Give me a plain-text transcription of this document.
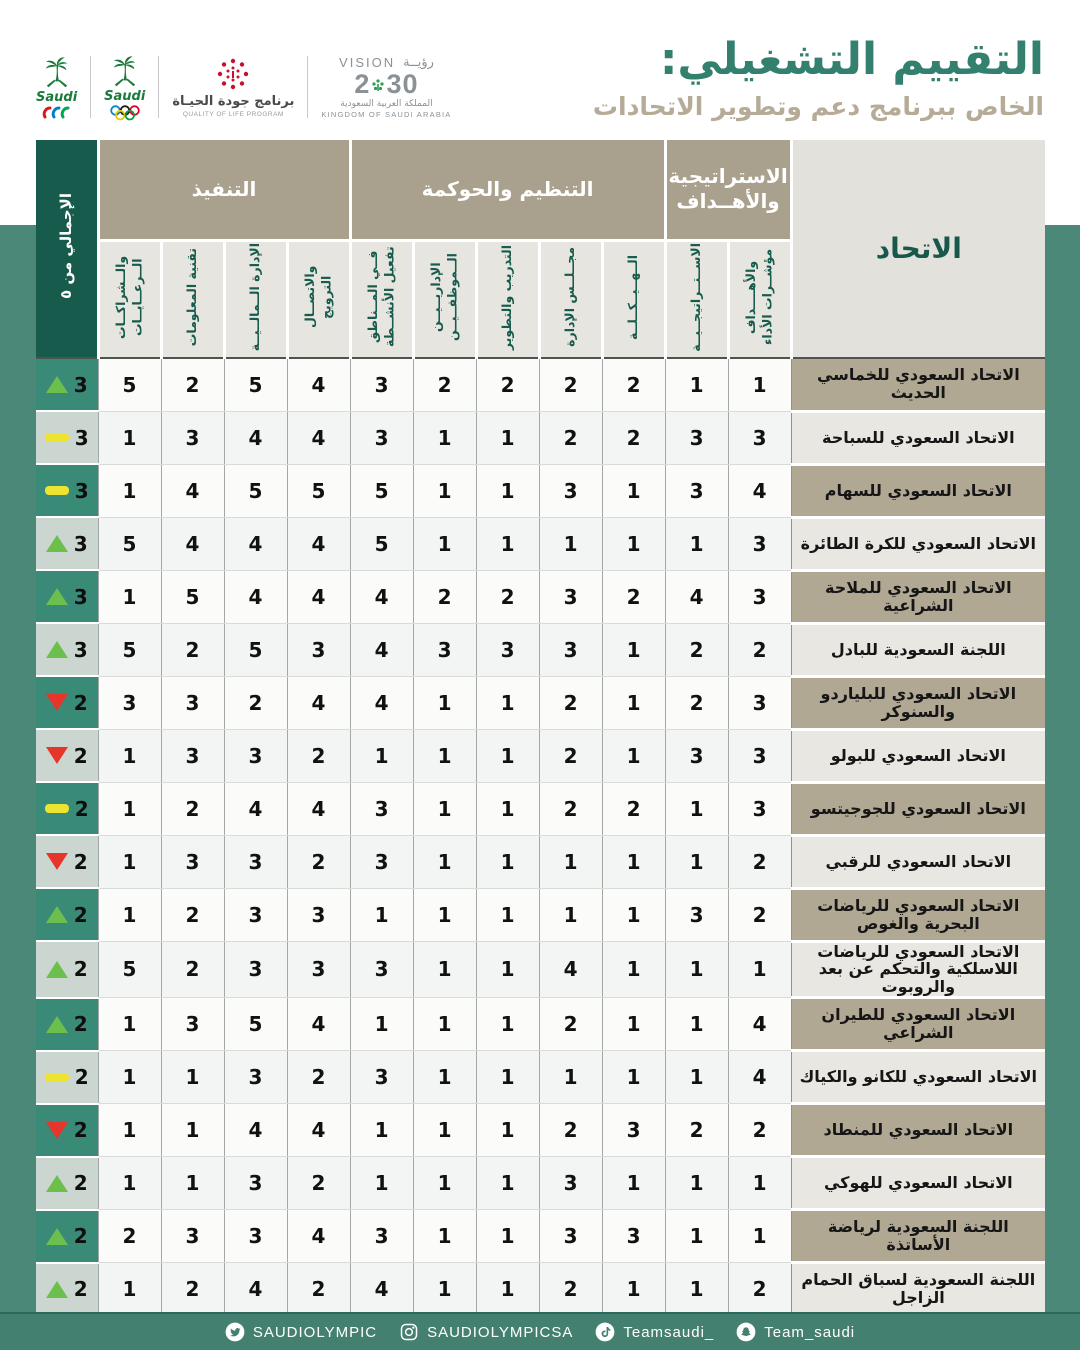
Saudi Saudi برنامج جودة الحيـاة
QUALITY OF LIFE PROGRAM
VISION رؤيــة
2 30
المملكة العربية السعودية
KINGDOM OF SAUDI ARABIA
التقييم التشغيلي:
الخاص ببرنامج دعم وتطوير الاتحادات
الاتحاد	الاستراتيجية والأهــداف		التنظيم والحوكمة					التنفيذ				الإجمالي من ٥
	مؤشــرات الأداء والأهــــداف	الاســتــراتيجــيــة	الــهــيــكــلــة	مجــلــس الإدارة	التدريب والتطوير	الــموظفــيــن الإداريــيــن	تفعيل الأنشــطة فــي المــناطق	الترويج والاتصــال	الإدارة الــمالــيــة	تقنية المعلومات	الــرعــايــات والــشراكــات	
الاتحاد السعودي للخماسي الحديث	1	1	2	2	2	2	3	4	5	2	5	3

الاتحاد السعودي للسباحة	3	3	2	2	1	1	3	4	4	3	1	3

الاتحاد السعودي للسهام	4	3	1	3	1	1	5	5	5	4	1	3

الاتحاد السعودي للكرة الطائرة	3	1	1	1	1	1	5	4	4	4	5	3

الاتحاد السعودي للملاحة الشراعية	3	4	2	3	2	2	4	4	4	5	1	3

اللجنة السعودية للبادل	2	2	1	3	3	3	4	3	5	2	5	3

الاتحاد السعودي للبلياردو والسنوكر	3	2	1	2	1	1	4	4	2	3	3	2

الاتحاد السعودي للبولو	3	3	1	2	1	1	1	2	3	3	1	2

الاتحاد السعودي للجوجيتسو	3	1	2	2	1	1	3	4	4	2	1	2

الاتحاد السعودي للرقبي	2	1	1	1	1	1	3	2	3	3	1	2

الاتحاد السعودي للرياضات البحرية والغوص	2	3	1	1	1	1	1	3	3	2	1	2

الاتحاد السعودي للرياضات اللاسلكية والتحكم عن بعد والروبوت	1	1	1	4	1	1	3	3	3	2	5	2

الاتحاد السعودي للطيران الشراعي	4	1	1	2	1	1	1	4	5	3	1	2

الاتحاد السعودي للكانو والكياك	4	1	1	1	1	1	3	2	3	1	1	2

الاتحاد السعودي للمنطاد	2	2	3	2	1	1	1	4	4	1	1	2

الاتحاد السعودي للهوكي	1	1	1	3	1	1	1	2	3	1	1	2

اللجنة السعودية لرياضة الأساتذة	1	1	3	3	1	1	3	4	3	3	2	2

اللجنة السعودية لسباق الحمام الزاجل	2	1	1	2	1	1	4	2	4	2	1	2
SAUDIOLYMPIC	SAUDIOLYMPICSA	Teamsaudi_	Team_saudi
